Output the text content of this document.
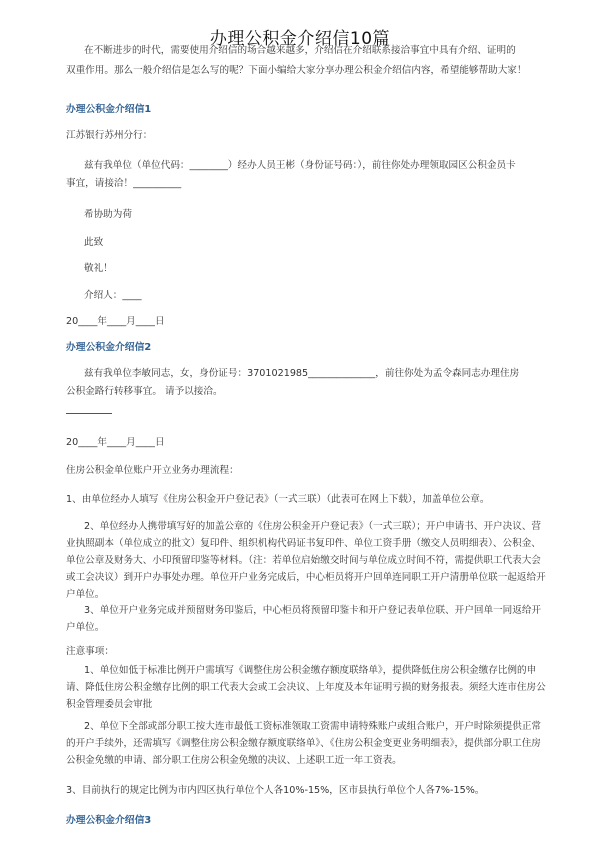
办理公积金介绍信10篇
在不断进步的时代，需要使用介绍信的场合越来越多，介绍信在介绍联系接洽事宜中具有介绍、证明的
双重作用。那么一般介绍信是怎么写的呢？下面小编给大家分享办理公积金介绍信内容，希望能够帮助大家！
办理公积金介绍信1
江苏银行苏州分行：
兹有我单位（单位代码：________）经办人员王彬（身份证号码：），前往你处办理领取园区公积金员卡
事宜，请接洽！__________
希协助为荷
此致
敬礼！
介绍人：____
20____年____月____日
办理公积金介绍信2
兹有我单位李敏同志，女，身份证号：3701021985______________，前往你处为孟令森同志办理住房
公积金路行转移事宜。 请予以接洽。
20____年____月____日
住房公积金单位账户开立业务办理流程：
1、由单位经办人填写《住房公积金开户登记表》（一式三联）（此表可在网上下载），加盖单位公章。
2、单位经办人携带填写好的加盖公章的《住房公积金开户登记表》（一式三联）；开户申请书、开户决议、营业执照副本（单位成立的批文）复印件、组织机构代码证书复印件、单位工资手册（缴交人员明细表）、公积金、单位公章及财务大、小印预留印鉴等材料。（注：若单位启始缴交时间与单位成立时间不符，需提供职工代表大会或工会决议）到开户办事处办理。单位开户业务完成后，中心柜员将开户回单连同职工开户清册单位联一起返给开户单位。
3、单位开户业务完成并预留财务印鉴后，中心柜员将预留印鉴卡和开户登记表单位联、开户回单一同返给开户单位。
注意事项：
1、单位如低于标准比例开户需填写《调整住房公积金缴存额度联络单》，提供降低住房公积金缴存比例的申请、降低住房公积金缴存比例的职工代表大会或工会决议、上年度及本年证明亏损的财务报表。须经大连市住房公积金管理委员会审批
2、单位下全部或部分职工按大连市最低工资标准领取工资需申请特殊账户或组合账户，开户时除须提供正常的开户手续外，还需填写《调整住房公积金缴存额度联络单》、《住房公积金变更业务明细表》，提供部分职工住房公积金免缴的申请、部分职工住房公积金免缴的决议、上述职工近一年工资表。
3、目前执行的规定比例为市内四区执行单位个人各10%-15%，区市县执行单位个人各7%-15%。
办理公积金介绍信3
